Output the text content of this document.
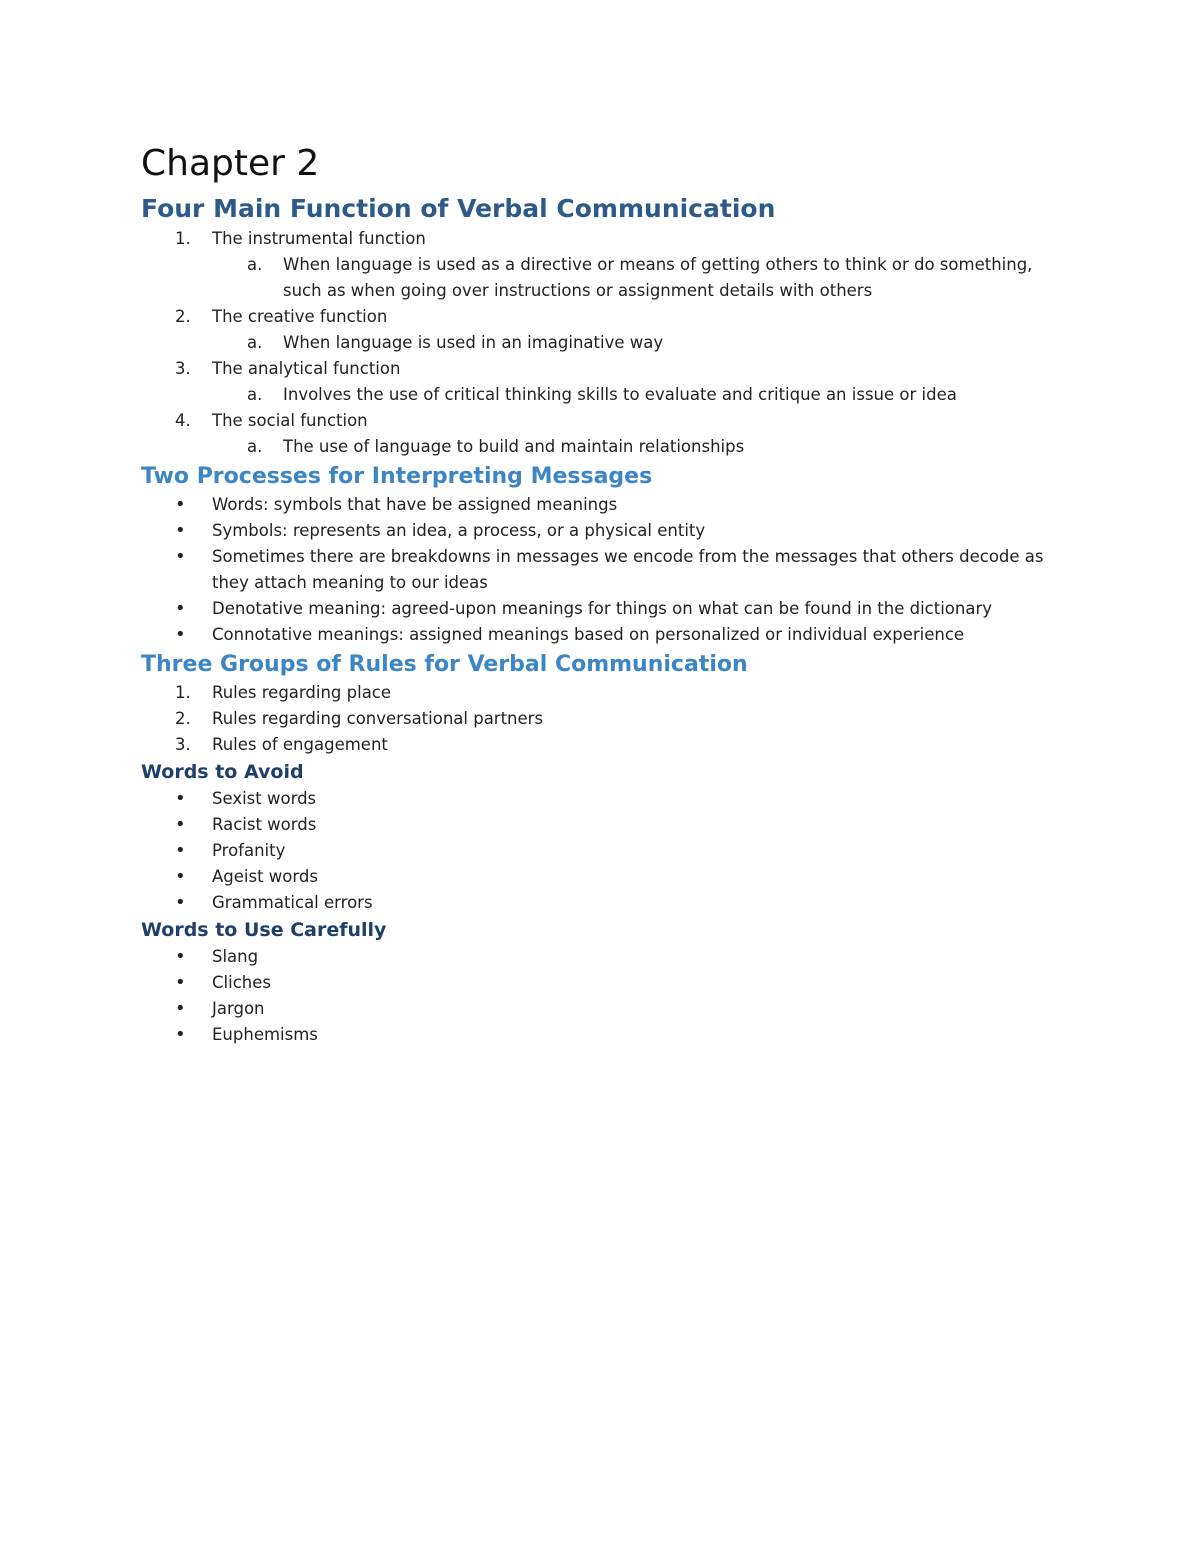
Chapter 2
Four Main Function of Verbal Communication
1. The instrumental function
a. When language is used as a directive or means of getting others to think or do something, such as when going over instructions or assignment details with others
2. The creative function
a. When language is used in an imaginative way
3. The analytical function
a. Involves the use of critical thinking skills to evaluate and critique an issue or idea
4. The social function
a. The use of language to build and maintain relationships
Two Processes for Interpreting Messages
• Words: symbols that have be assigned meanings
• Symbols: represents an idea, a process, or a physical entity
• Sometimes there are breakdowns in messages we encode from the messages that others decode as they attach meaning to our ideas
• Denotative meaning: agreed-upon meanings for things on what can be found in the dictionary
• Connotative meanings: assigned meanings based on personalized or individual experience
Three Groups of Rules for Verbal Communication
1. Rules regarding place
2. Rules regarding conversational partners
3. Rules of engagement
Words to Avoid
• Sexist words
• Racist words
• Profanity
• Ageist words
• Grammatical errors
Words to Use Carefully
• Slang
• Cliches
• Jargon
• Euphemisms
